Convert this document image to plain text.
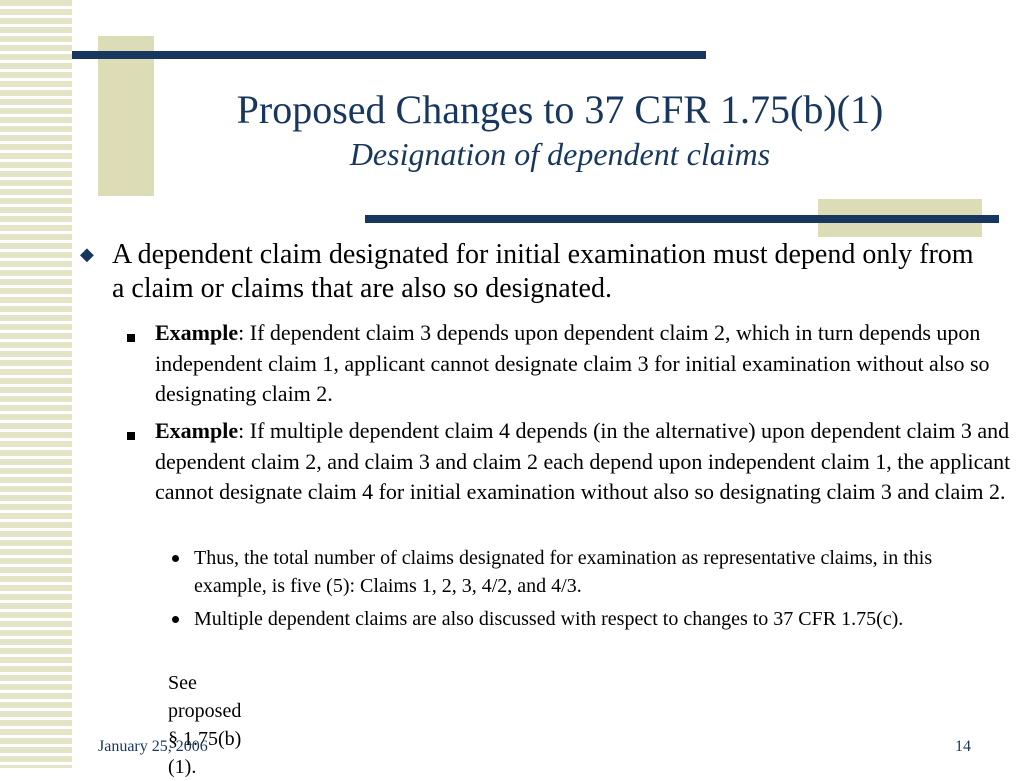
Proposed Changes to 37 CFR 1.75(b)(1)
Designation of dependent claims
◆ A dependent claim designated for initial examination must depend only from a claim or claims that are also so designated.
Example: If dependent claim 3 depends upon dependent claim 2, which in turn depends upon independent claim 1, applicant cannot designate claim 3 for initial examination without also so designating claim 2.
Example: If multiple dependent claim 4 depends (in the alternative) upon dependent claim 3 and dependent claim 2, and claim 3 and claim 2 each depend upon independent claim 1, the applicant cannot designate claim 4 for initial examination without also so designating claim 3 and claim 2.
Thus, the total number of claims designated for examination as representative claims, in this example, is five (5): Claims 1, 2, 3, 4/2, and 4/3.
Multiple dependent claims are also discussed with respect to changes to 37 CFR 1.75(c).
See proposed § 1.75(b)(1).
January 25, 2006	14
